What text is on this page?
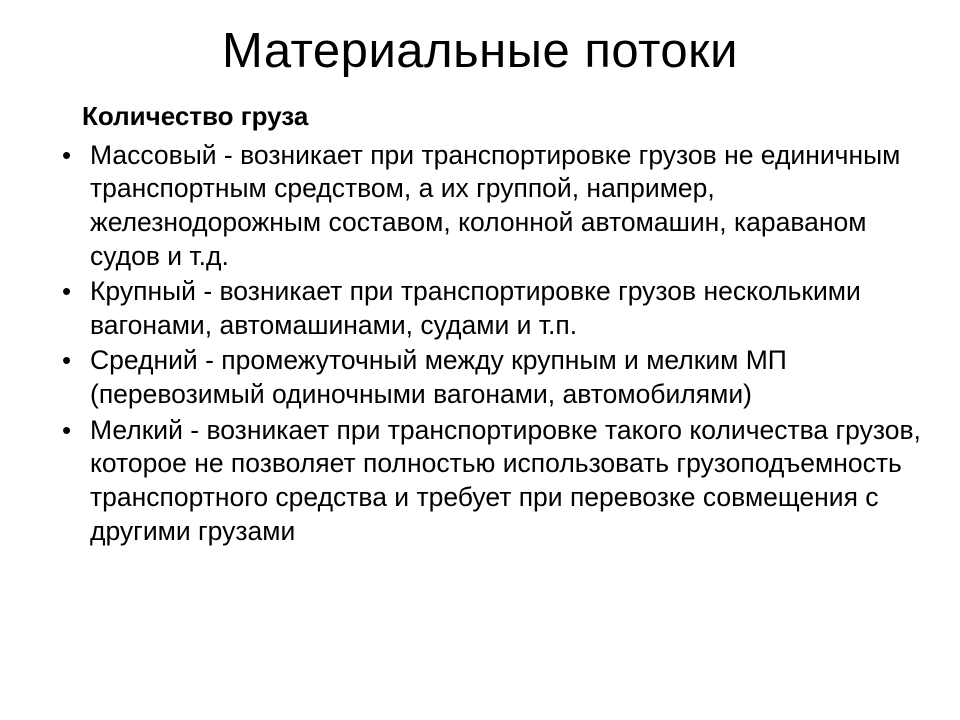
Материальные потоки
Количество груза
• Массовый - возникает при транспортировке грузов не единичным транспортным средством, а их группой, например, железнодорожным составом, колонной автомашин, караваном судов и т.д.
• Крупный - возникает при транспортировке грузов несколькими вагонами, автомашинами, судами и т.п.
• Средний - промежуточный между крупным и мелким МП (перевозимый одиночными вагонами, автомобилями)
• Мелкий - возникает при транспортировке такого количества грузов, которое не позволяет полностью использовать грузоподъемность транспортного средства и требует при перевозке совмещения с другими грузами
